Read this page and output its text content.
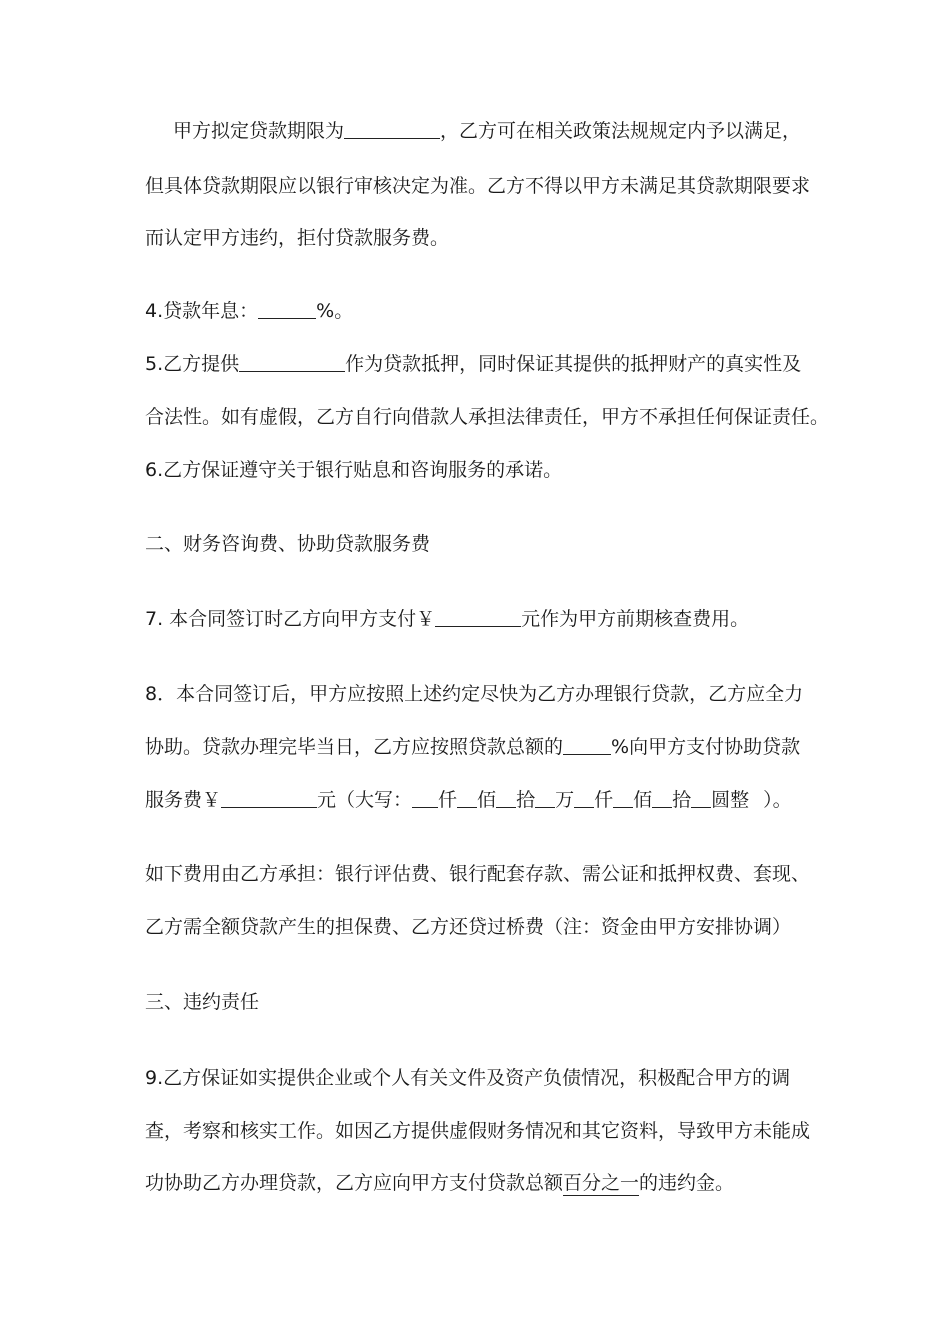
甲方拟定贷款期限为	，乙方可在相关政策法规规定内予以满足，
但具体贷款期限应以银行审核决定为准。乙方不得以甲方未满足其贷款期限要求
而认定甲方违约，拒付贷款服务费。
4.贷款年息：	%。
5.乙方提供	作为贷款抵押，同时保证其提供的抵押财产的真实性及
合法性。如有虚假，乙方自行向借款人承担法律责任，甲方不承担任何保证责任。
6.乙方保证遵守关于银行贴息和咨询服务的承诺。
二、财务咨询费、协助贷款服务费
7. 本合同签订时乙方向甲方支付￥	元作为甲方前期核查费用。
8．本合同签订后，甲方应按照上述约定尽快为乙方办理银行贷款，乙方应全力
协助。贷款办理完毕当日，乙方应按照贷款总额的	%向甲方支付协助贷款
服务费￥	元（大写： 仟 佰 拾 万 仟 佰 拾 圆整 ）。
如下费用由乙方承担：银行评估费、银行配套存款、需公证和抵押权费、套现、
乙方需全额贷款产生的担保费、乙方还贷过桥费（注：资金由甲方安排协调）
三、违约责任
9.乙方保证如实提供企业或个人有关文件及资产负债情况，积极配合甲方的调
查，考察和核实工作。如因乙方提供虚假财务情况和其它资料，导致甲方未能成
功协助乙方办理贷款，乙方应向甲方支付贷款总额百分之一的违约金。
